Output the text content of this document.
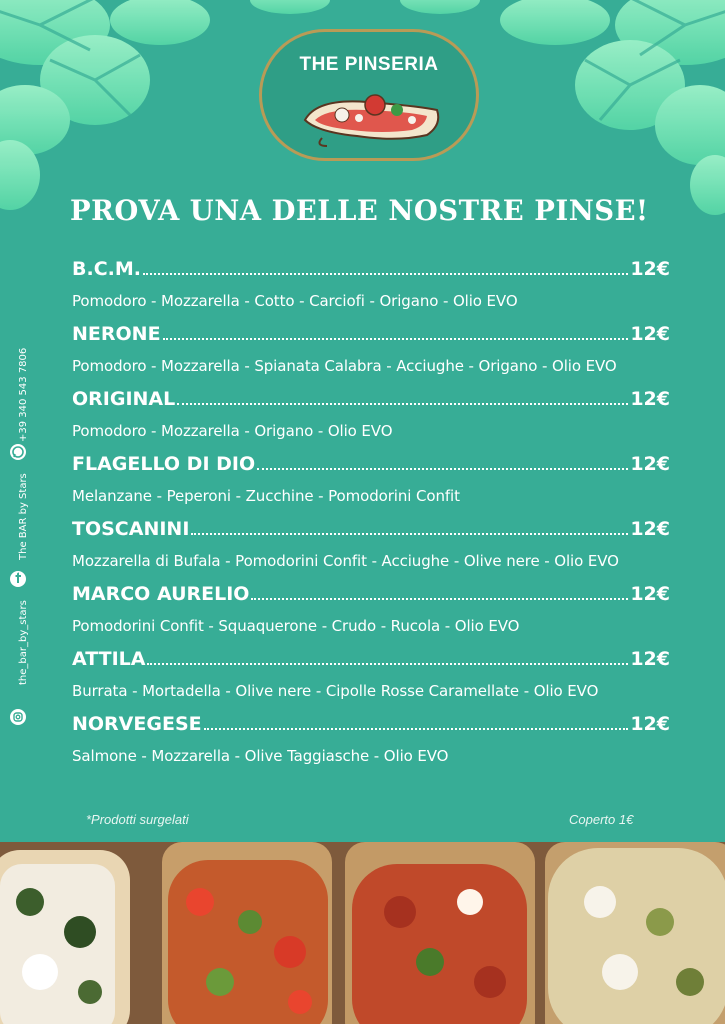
THE PINSERIA
PROVA UNA DELLE NOSTRE PINSE!
B.C.M.	12€
Pomodoro - Mozzarella - Cotto - Carciofi - Origano - Olio EVO
NERONE	12€
Pomodoro - Mozzarella - Spianata Calabra - Acciughe - Origano - Olio EVO
ORIGINAL	12€
Pomodoro - Mozzarella - Origano - Olio EVO
FLAGELLO DI DIO	12€
Melanzane - Peperoni - Zucchine - Pomodorini Confit
TOSCANINI	12€
Mozzarella di Bufala - Pomodorini Confit - Acciughe - Olive nere - Olio EVO
MARCO AURELIO	12€
Pomodorini Confit - Squaquerone - Crudo - Rucola - Olio EVO
ATTILA	12€
Burrata - Mortadella - Olive nere - Cipolle Rosse Caramellate - Olio EVO
NORVEGESE	12€
Salmone - Mozzarella - Olive Taggiasche - Olio EVO
*Prodotti surgelati	Coperto 1€
+39 340 543 7806
The BAR by Stars
the_bar_by_stars
